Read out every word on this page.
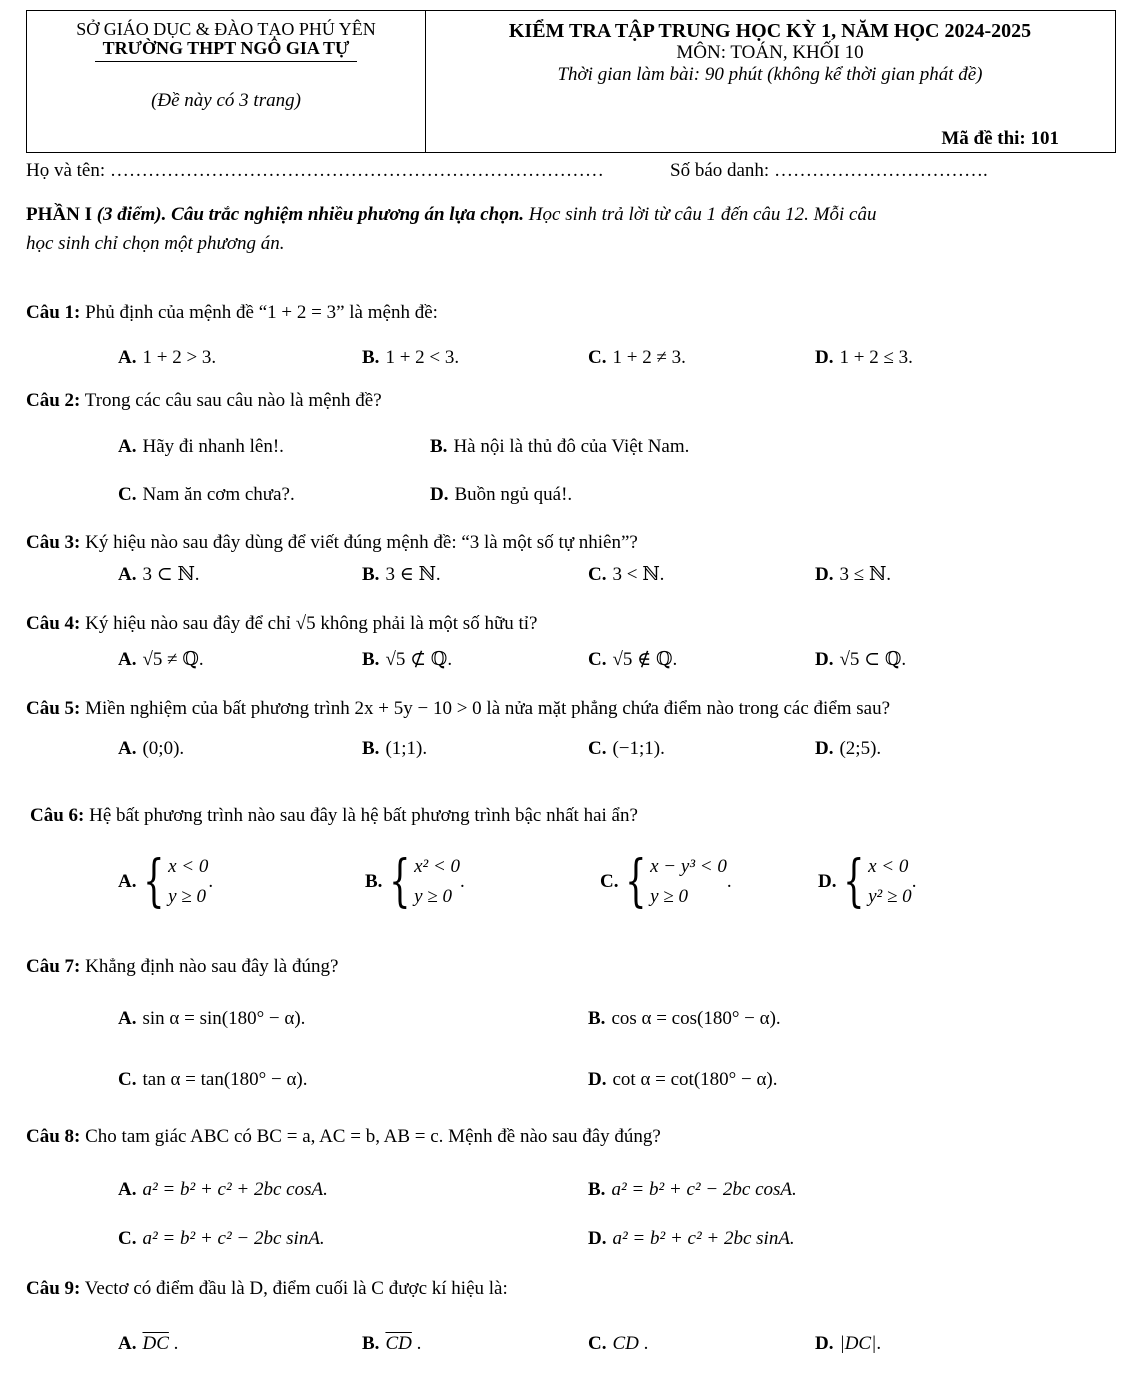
SỞ GIÁO DỤC & ĐÀO TẠO PHÚ YÊN
TRƯỜNG THPT NGÔ GIA TỰ
(Đề này có 3 trang)
KIỂM TRA TẬP TRUNG HỌC KỲ 1, NĂM HỌC 2024-2025
MÔN: TOÁN, KHỐI 10
Thời gian làm bài: 90 phút (không kể thời gian phát đề)
Mã đề thi: 101
Họ và tên: ……………………………………………………………………	Số báo danh: …………………………….
PHẦN I (3 điểm). Câu trắc nghiệm nhiều phương án lựa chọn. Học sinh trả lời từ câu 1 đến câu 12. Mỗi câu
học sinh chỉ chọn một phương án.
Câu 1: Phủ định của mệnh đề “1 + 2 = 3” là mệnh đề:
A. 1 + 2 > 3.	B. 1 + 2 < 3.	C. 1 + 2 ≠ 3.	D. 1 + 2 ≤ 3.
Câu 2: Trong các câu sau câu nào là mệnh đề?
A. Hãy đi nhanh lên!.	B. Hà nội là thủ đô của Việt Nam.
C. Nam ăn cơm chưa?.	D. Buồn ngủ quá!.
Câu 3: Ký hiệu nào sau đây dùng để viết đúng mệnh đề: “3 là một số tự nhiên”?
A. 3 ⊂ ℕ.	B. 3 ∈ ℕ.	C. 3 < ℕ.	D. 3 ≤ ℕ.
Câu 4: Ký hiệu nào sau đây để chỉ √5 không phải là một số hữu tỉ?
A. √5 ≠ ℚ.	B. √5 ⊄ ℚ.	C. √5 ∉ ℚ.	D. √5 ⊂ ℚ.
Câu 5: Miền nghiệm của bất phương trình 2x + 5y − 10 > 0 là nửa mặt phẳng chứa điểm nào trong các điểm sau?
A. (0;0).	B. (1;1).	C. (−1;1).	D. (2;5).
Câu 6: Hệ bất phương trình nào sau đây là hệ bất phương trình bậc nhất hai ẩn?
A. { x < 0
y ≥ 0
.	B. { x² < 0
y ≥ 0
.	C. { x − y³ < 0
y ≥ 0
.	D. { x < 0
y² ≥ 0
.
Câu 7: Khẳng định nào sau đây là đúng?
A. sin α = sin(180° − α).	B. cos α = cos(180° − α).
C. tan α = tan(180° − α).	D. cot α = cot(180° − α).
Câu 8: Cho tam giác ABC có BC = a, AC = b, AB = c. Mệnh đề nào sau đây đúng?
A. a² = b² + c² + 2bc cosA.	B. a² = b² + c² − 2bc cosA.
C. a² = b² + c² − 2bc sinA.	D. a² = b² + c² + 2bc sinA.
Câu 9: Vectơ có điểm đầu là D, điểm cuối là C được kí hiệu là:
A. $\overline{DC}$ .	B. $\overline{CD}$ .	C. CD .	D. |DC|.
